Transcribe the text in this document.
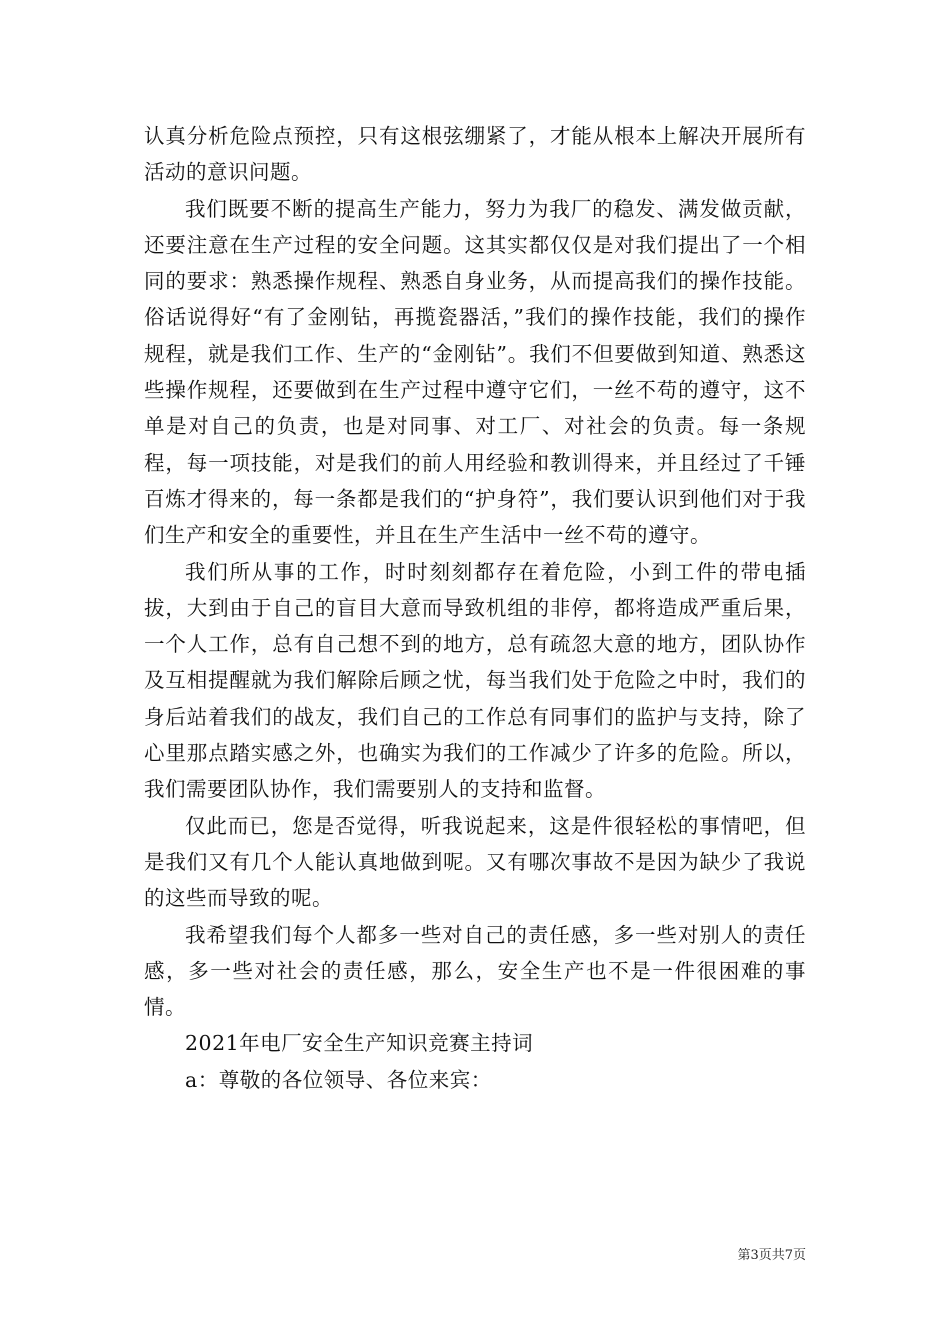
认真分析危险点预控，只有这根弦绷紧了，才能从根本上解决开展所有活动的意识问题。

我们既要不断的提高生产能力，努力为我厂的稳发、满发做贡献，还要注意在生产过程的安全问题。这其实都仅仅是对我们提出了一个相同的要求：熟悉操作规程、熟悉自身业务，从而提高我们的操作技能。俗话说得好“有了金刚钻，再揽瓷器活，”我们的操作技能，我们的操作规程，就是我们工作、生产的“金刚钻”。我们不但要做到知道、熟悉这些操作规程，还要做到在生产过程中遵守它们，一丝不苟的遵守，这不单是对自己的负责，也是对同事、对工厂、对社会的负责。每一条规程，每一项技能，对是我们的前人用经验和教训得来，并且经过了千锤百炼才得来的，每一条都是我们的“护身符”，我们要认识到他们对于我们生产和安全的重要性，并且在生产生活中一丝不苟的遵守。

我们所从事的工作，时时刻刻都存在着危险，小到工件的带电插拔，大到由于自己的盲目大意而导致机组的非停，都将造成严重后果，一个人工作，总有自己想不到的地方，总有疏忽大意的地方，团队协作及互相提醒就为我们解除后顾之忧，每当我们处于危险之中时，我们的身后站着我们的战友，我们自己的工作总有同事们的监护与支持，除了心里那点踏实感之外，也确实为我们的工作减少了许多的危险。所以，我们需要团队协作，我们需要别人的支持和监督。

仅此而已，您是否觉得，听我说起来，这是件很轻松的事情吧，但是我们又有几个人能认真地做到呢。又有哪次事故不是因为缺少了我说的这些而导致的呢。

我希望我们每个人都多一些对自己的责任感，多一些对别人的责任感，多一些对社会的责任感，那么，安全生产也不是一件很困难的事情。

2021年电厂安全生产知识竞赛主持词

a：尊敬的各位领导、各位来宾：

第3页共7页
